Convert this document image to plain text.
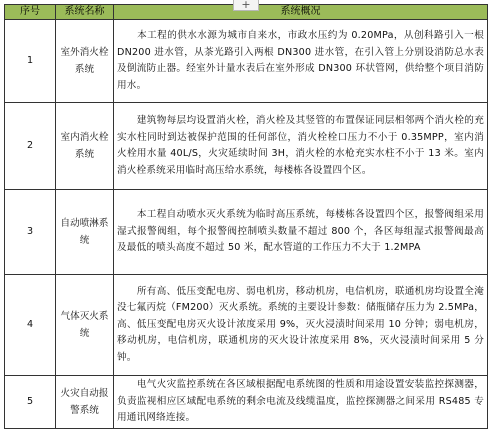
+
序号	系统名称	系统概况
1	室外消火栓系统	　　本工程的供水水源为城市自来水，市政水压约为 0.20MPa，从创科路引入一根 DN200 进水管，从茶光路引入两根 DN300 进水管，在引入管上分别设消防总水表及倒流防止器。经室外计量水表后在室外形成 DN300 环状管网，供给整个项目消防用水。
2	室内消火栓系统	　　建筑物每层均设置消火栓，消火栓及其竖管的布置保证同层相邻两个消火栓的充实水柱同时到达被保护范围的任何部位，消火栓栓口压力不小于 0.35MPP，室内消火栓用水量 40L/S，火灾延续时间 3H，消火栓的水枪充实水柱不小于 13 米。室内消火栓系统采用临时高压给水系统，每楼栋各设置四个区。
3	自动喷淋系统	　　本工程自动喷水灭火系统为临时高压系统，每楼栋各设置四个区，报警阀组采用湿式报警阀组，每个报警阀控制喷头数量不超过 800 个，各区每组湿式报警阀最高及最低的喷头高度不超过 50 米，配水管道的工作压力不大于 1.2MPA
4	气体灭火系统	　　所有高、低压变配电房、弱电机房，移动机房，电信机房，联通机房均设置全淹没七氟丙烷（FM200）灭火系统。系统的主要设计参数：储瓶储存压力为 2.5MPa，高、低压变配电房灭火设计浓度采用 9%，灭火浸渍时间采用 10 分钟；弱电机房，移动机房，电信机房，联通机房的灭火设计浓度采用 8%，灭火浸渍时间采用 5 分钟。
5	火灾自动报警系统	　　电气火灾监控系统在各区域根据配电系统图的性质和用途设置安装监控探测器，负责监视相应区域配电系统的剩余电流及线缆温度，监控探测器之间采用 RS485 专用通讯网络连接。
